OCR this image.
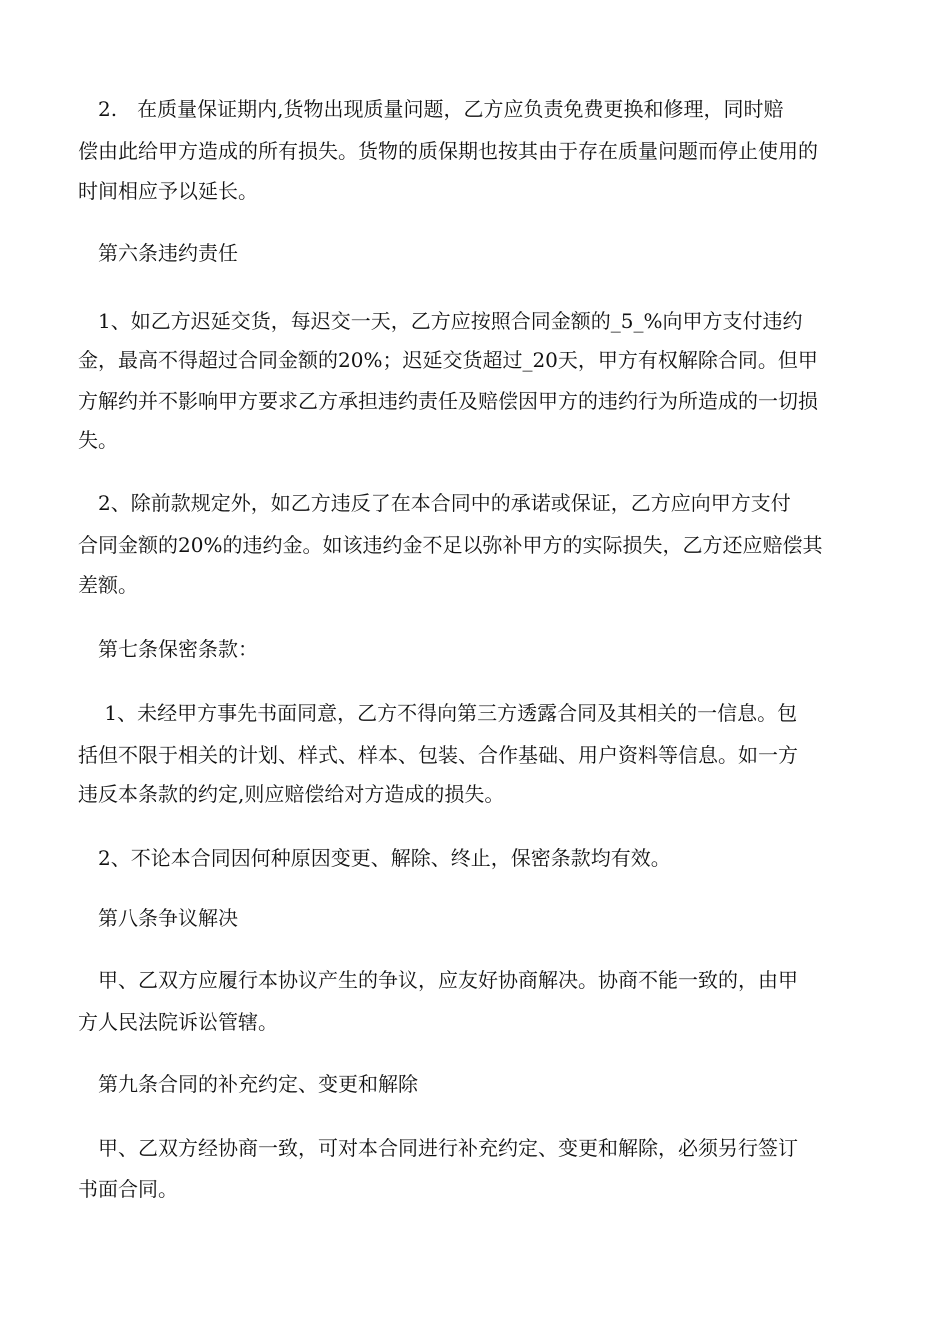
　2.　在质量保证期内,货物出现质量问题，乙方应负责免费更换和修理，同时赔
偿由此给甲方造成的所有损失。货物的质保期也按其由于存在质量问题而停止使用的
时间相应予以延长。
　第六条违约责任
　1、如乙方迟延交货，每迟交一天，乙方应按照合同金额的_5_%向甲方支付违约
金，最高不得超过合同金额的20%；迟延交货超过_20天，甲方有权解除合同。但甲
方解约并不影响甲方要求乙方承担违约责任及赔偿因甲方的违约行为所造成的一切损
失。
　2、除前款规定外，如乙方违反了在本合同中的承诺或保证，乙方应向甲方支付
合同金额的20%的违约金。如该违约金不足以弥补甲方的实际损失，乙方还应赔偿其
差额。
　第七条保密条款：
　 1、未经甲方事先书面同意，乙方不得向第三方透露合同及其相关的一信息。包
括但不限于相关的计划、样式、样本、包装、合作基础、用户资料等信息。如一方
违反本条款的约定,则应赔偿给对方造成的损失。
　2、不论本合同因何种原因变更、解除、终止，保密条款均有效。
　第八条争议解决
　甲、乙双方应履行本协议产生的争议，应友好协商解决。协商不能一致的，由甲
方人民法院诉讼管辖。
　第九条合同的补充约定、变更和解除
　甲、乙双方经协商一致，可对本合同进行补充约定、变更和解除，必须另行签订
书面合同。
